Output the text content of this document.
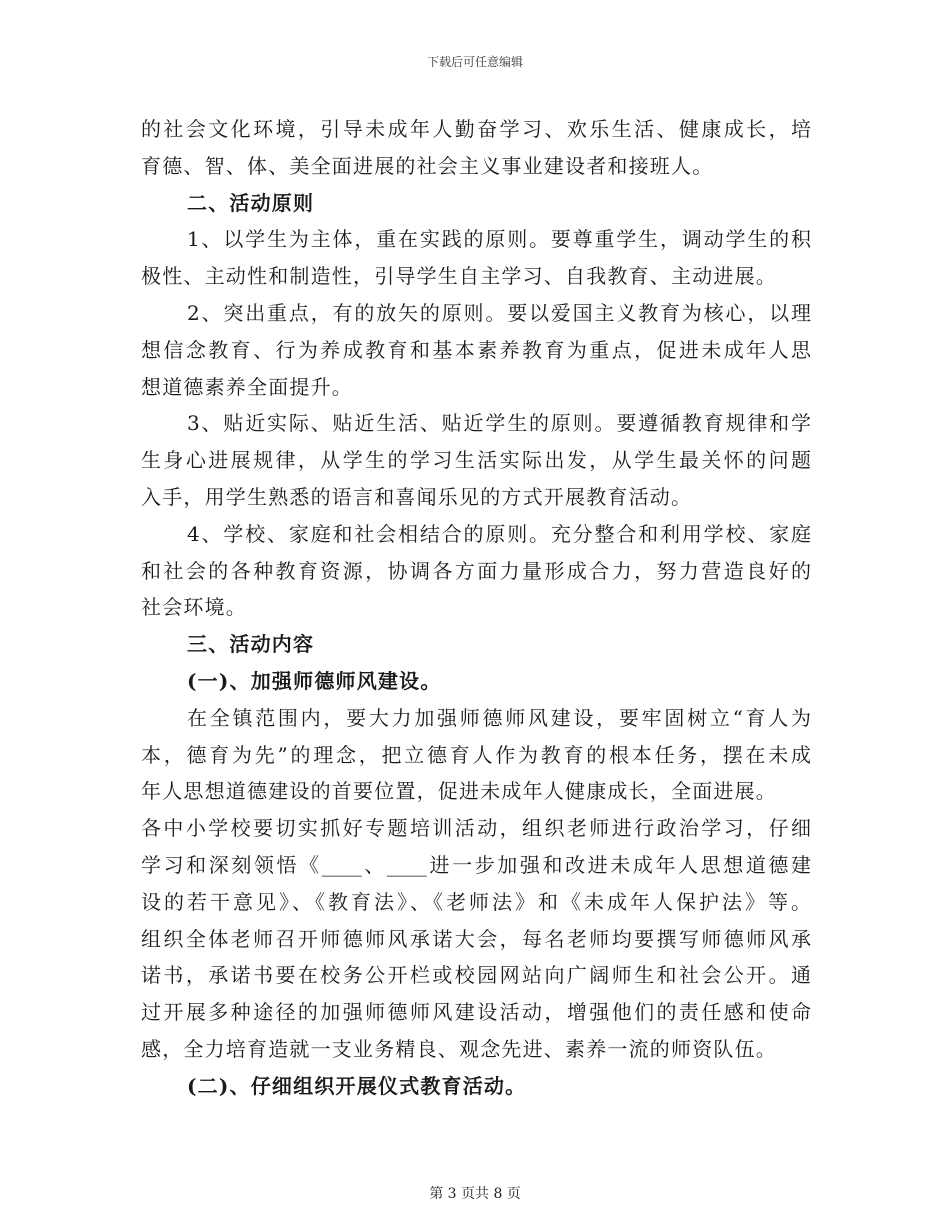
下载后可任意编辑
的社会文化环境，引导未成年人勤奋学习、欢乐生活、健康成长，培
育德、智、体、美全面进展的社会主义事业建设者和接班人。
二、活动原则
1、以学生为主体，重在实践的原则。要尊重学生，调动学生的积
极性、主动性和制造性，引导学生自主学习、自我教育、主动进展。
2、突出重点，有的放矢的原则。要以爱国主义教育为核心，以理
想信念教育、行为养成教育和基本素养教育为重点，促进未成年人思
想道德素养全面提升。
3、贴近实际、贴近生活、贴近学生的原则。要遵循教育规律和学
生身心进展规律，从学生的学习生活实际出发，从学生最关怀的问题
入手，用学生熟悉的语言和喜闻乐见的方式开展教育活动。
4、学校、家庭和社会相结合的原则。充分整合和利用学校、家庭
和社会的各种教育资源，协调各方面力量形成合力，努力营造良好的
社会环境。
三、活动内容
(一)、加强师德师风建设。
在全镇范围内，要大力加强师德师风建设，要牢固树立“育人为
本，德育为先”的理念，把立德育人作为教育的根本任务，摆在未成
年人思想道德建设的首要位置，促进未成年人健康成长，全面进展。
各中小学校要切实抓好专题培训活动，组织老师进行政治学习，仔细
学习和深刻领悟《____、____进一步加强和改进未成年人思想道德建
设的若干意见》、《教育法》、《老师法》和《未成年人保护法》等。
组织全体老师召开师德师风承诺大会，每名老师均要撰写师德师风承
诺书，承诺书要在校务公开栏或校园网站向广阔师生和社会公开。通
过开展多种途径的加强师德师风建设活动，增强他们的责任感和使命
感，全力培育造就一支业务精良、观念先进、素养一流的师资队伍。
(二)、仔细组织开展仪式教育活动。
第 3 页共 8 页
